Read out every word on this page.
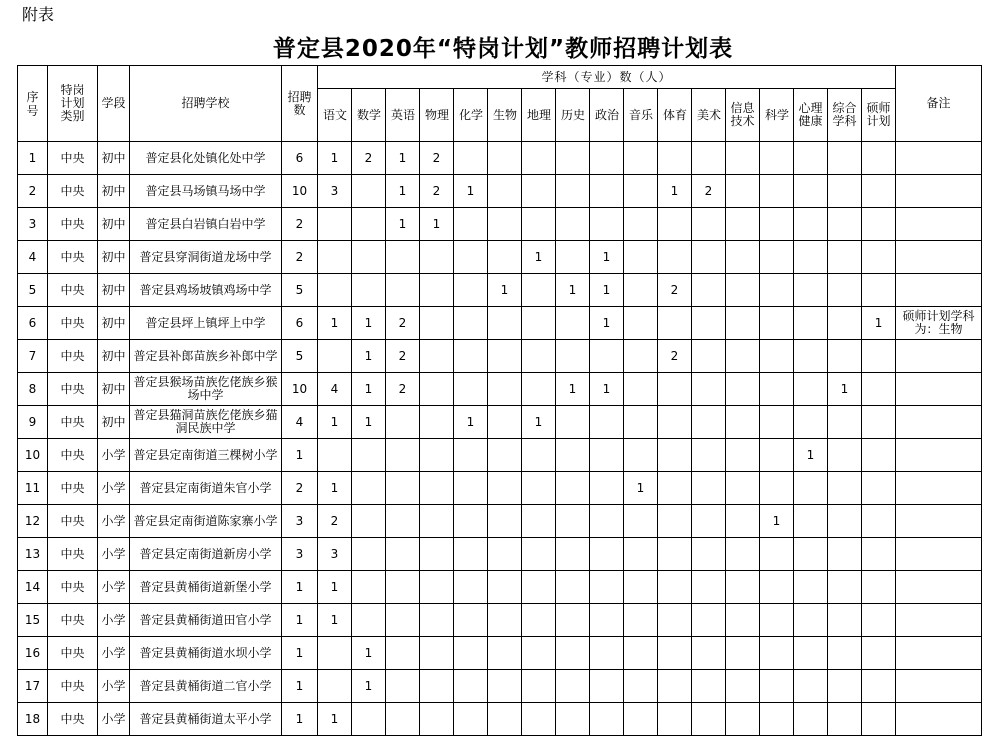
附表
普定县2020年“特岗计划”教师招聘计划表
序号	特岗计划类别	学段	招聘学校	招聘数	学科（专业）数（人）																	备注
					语文	数学	英语	物理	化学	生物	地理	历史	政治	音乐	体育	美术	信息技术	科学	心理健康	综合学科	硕师计划	
1	中央	初中	普定县化处镇化处中学	6	1	2	1	2														
2	中央	初中	普定县马场镇马场中学	10	3		1	2	1						1	2						
3	中央	初中	普定县白岩镇白岩中学	2			1	1														
4	中央	初中	普定县穿洞街道龙场中学	2							1		1									
5	中央	初中	普定县鸡场坡镇鸡场中学	5						1		1	1		2							
6	中央	初中	普定县坪上镇坪上中学	6	1	1	2						1								1	硕师计划学科为：生物
7	中央	初中	普定县补郎苗族乡补郎中学	5		1	2								2							
8	中央	初中	普定县猴场苗族仡佬族乡猴场中学	10	4	1	2					1	1							1		
9	中央	初中	普定县猫洞苗族仡佬族乡猫洞民族中学	4	1	1			1		1											
10	中央	小学	普定县定南街道三棵树小学	1															1			
11	中央	小学	普定县定南街道朱官小学	2	1									1								
12	中央	小学	普定县定南街道陈家寨小学	3	2													1				
13	中央	小学	普定县定南街道新房小学	3	3																	
14	中央	小学	普定县黄桶街道新堡小学	1	1																	
15	中央	小学	普定县黄桶街道田官小学	1	1																	
16	中央	小学	普定县黄桶街道水坝小学	1		1																
17	中央	小学	普定县黄桶街道二官小学	1		1																
18	中央	小学	普定县黄桶街道太平小学	1	1																	
